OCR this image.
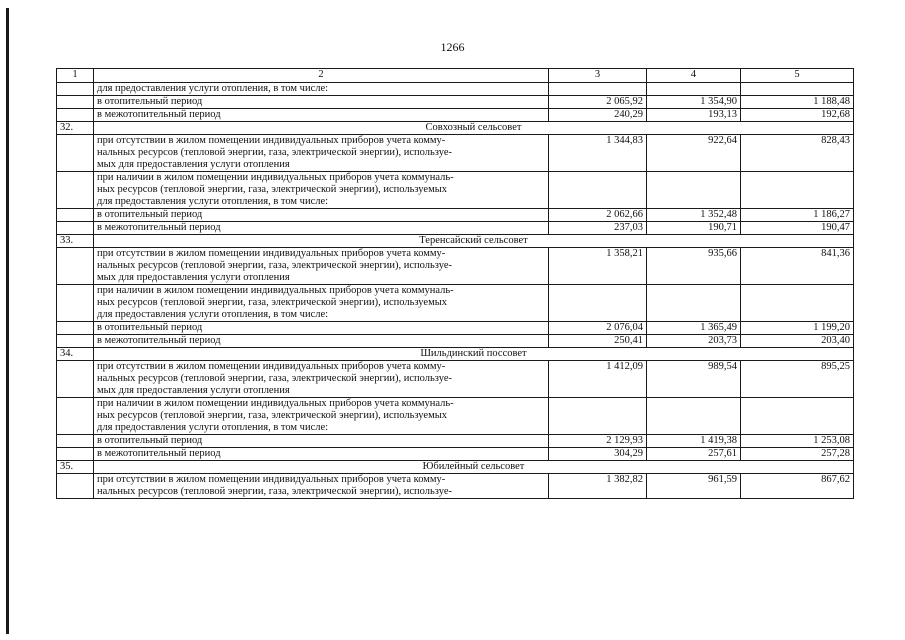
1266
1	2	3	4	5

	для предоставления услуги отопления, в том числе:			

	в отопительный период	2 065,92	1 354,90	1 188,48

	в межотопительный период	240,29	193,13	192,68
32.	Совхозный сельсовет			

	при отсутствии в жилом помещении индивидуальных приборов учета комму-
нальных ресурсов (тепловой энергии, газа, электрической энергии), используе-
мых для предоставления услуги отопления	1 344,83	922,64	828,43

	при наличии в жилом помещении индивидуальных приборов учета коммуналь-
ных ресурсов (тепловой энергии, газа, электрической энергии), используемых
для предоставления услуги отопления, в том числе:			

	в отопительный период	2 062,66	1 352,48	1 186,27

	в межотопительный период	237,03	190,71	190,47
33.	Теренсайский сельсовет			

	при отсутствии в жилом помещении индивидуальных приборов учета комму-
нальных ресурсов (тепловой энергии, газа, электрической энергии), используе-
мых для предоставления услуги отопления	1 358,21	935,66	841,36

	при наличии в жилом помещении индивидуальных приборов учета коммуналь-
ных ресурсов (тепловой энергии, газа, электрической энергии), используемых
для предоставления услуги отопления, в том числе:			

	в отопительный период	2 076,04	1 365,49	1 199,20

	в межотопительный период	250,41	203,73	203,40
34.	Шильдинский поссовет			

	при отсутствии в жилом помещении индивидуальных приборов учета комму-
нальных ресурсов (тепловой энергии, газа, электрической энергии), используе-
мых для предоставления услуги отопления	1 412,09	989,54	895,25

	при наличии в жилом помещении индивидуальных приборов учета коммуналь-
ных ресурсов (тепловой энергии, газа, электрической энергии), используемых
для предоставления услуги отопления, в том числе:			

	в отопительный период	2 129,93	1 419,38	1 253,08

	в межотопительный период	304,29	257,61	257,28
35.	Юбилейный сельсовет			

	при отсутствии в жилом помещении индивидуальных приборов учета комму-
нальных ресурсов (тепловой энергии, газа, электрической энергии), используе-	1 382,82	961,59	867,62
